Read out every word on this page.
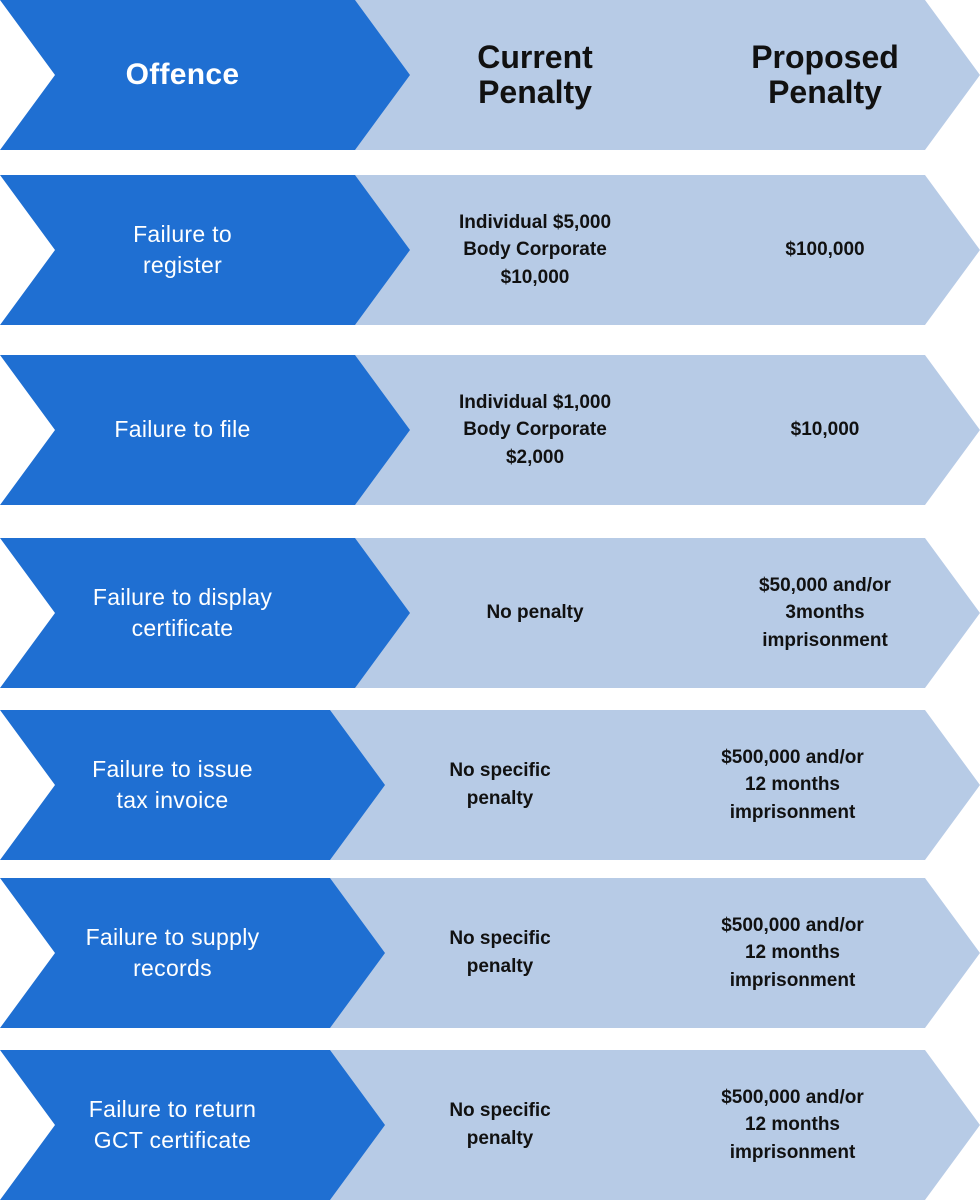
Offence	Current
Penalty
Proposed
Penalty
Failure to
register
Individual $5,000
Body Corporate
$10,000
$100,000
Failure to file
Individual $1,000
Body Corporate
$2,000
$10,000
Failure to display
certificate
No penalty
$50,000 and/or
3months
imprisonment
Failure to issue
tax invoice
No specific
penalty
$500,000 and/or
12 months
imprisonment
Failure to supply
records
No specific
penalty
$500,000 and/or
12 months
imprisonment
Failure to return
GCT certificate
No specific
penalty
$500,000 and/or
12 months
imprisonment
